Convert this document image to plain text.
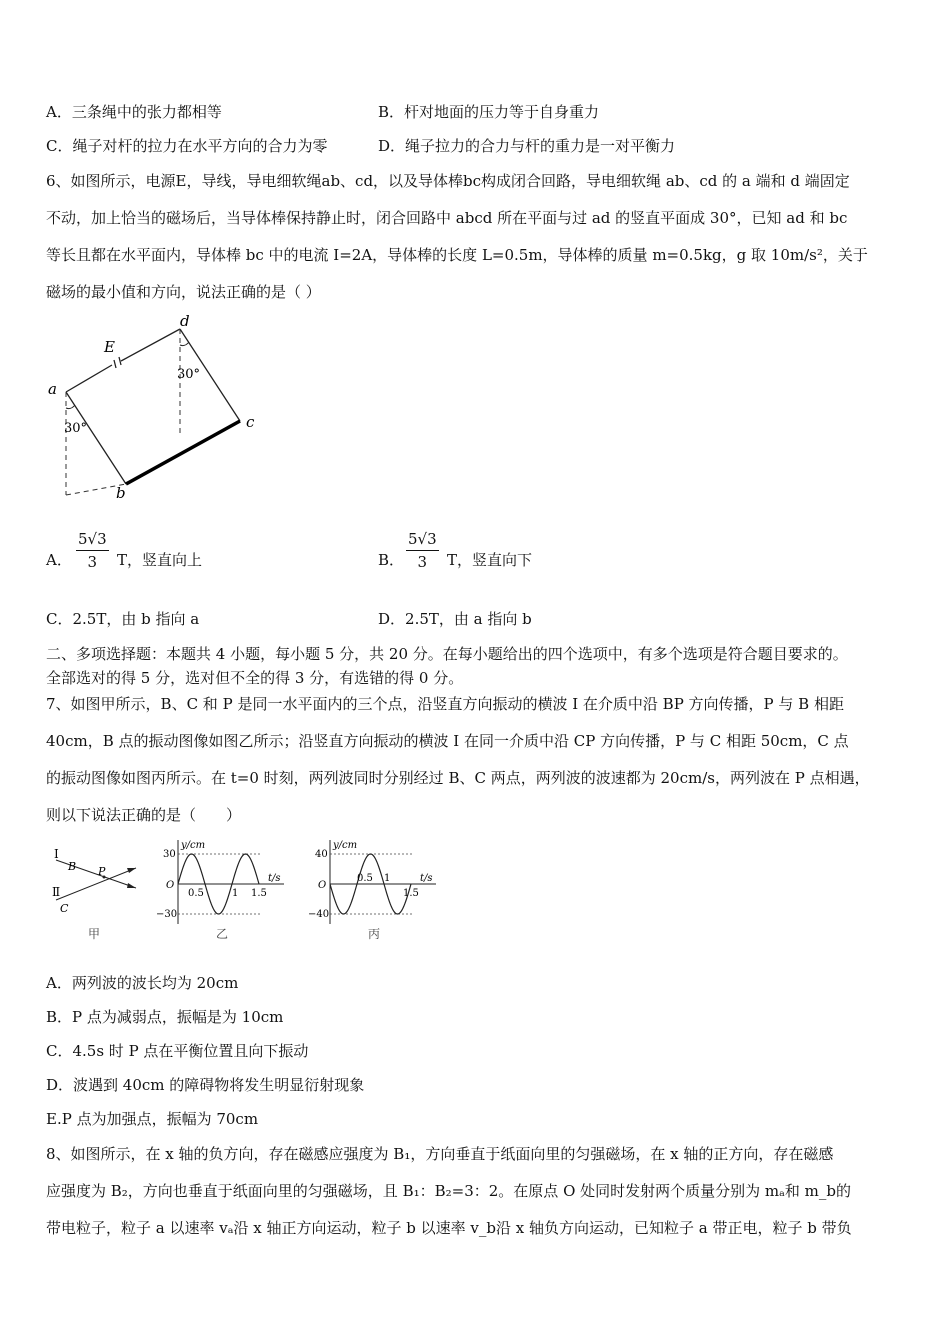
A．三条绳中的张力都相等	B．杆对地面的压力等于自身重力
C．绳子对杆的拉力在水平方向的合力为零	D．绳子拉力的合力与杆的重力是一对平衡力
6、如图所示，电源E，导线，导电细软绳ab、cd，以及导体棒bc构成闭合回路，导电细软绳 ab、cd 的 a 端和 d 端固定
不动，加上恰当的磁场后，当导体棒保持静止时，闭合回路中 abcd 所在平面与过 ad 的竖直平面成 30°，已知 ad 和 bc
等长且都在水平面内，导体棒 bc 中的电流 I=2A，导体棒的长度 L=0.5m，导体棒的质量 m=0.5kg，g 取 10m/s²，关于
磁场的最小值和方向，说法正确的是（ ）
a
b
c
d
E
30°
30°
A． $\frac{5√3}{3}$ T，竖直向上	B． $\frac{5√3}{3}$ T，竖直向下
C．2.5T，由 b 指向 a	D．2.5T，由 a 指向 b
二、多项选择题：本题共 4 小题，每小题 5 分，共 20 分。在每小题给出的四个选项中，有多个选项是符合题目要求的。
全部选对的得 5 分，选对但不全的得 3 分，有选错的得 0 分。
7、如图甲所示，B、C 和 P 是同一水平面内的三个点，沿竖直方向振动的横波 I 在介质中沿 BP 方向传播，P 与 B 相距
40cm，B 点的振动图像如图乙所示；沿竖直方向振动的横波 I 在同一介质中沿 CP 方向传播，P 与 C 相距 50cm，C 点
的振动图像如图丙所示。在 t=0 时刻，两列波同时分别经过 B、C 两点，两列波的波速都为 20cm/s，两列波在 P 点相遇，
则以下说法正确的是（　　）
I
B
Ⅱ
C
P
甲
y/cm
t/s
O
30
−30
0.5	1 1.5
乙
y/cm
t/s
O
40
−40
0.5 1
1.5
丙
A．两列波的波长均为 20cm
B．P 点为减弱点，振幅是为 10cm
C．4.5s 时 P 点在平衡位置且向下振动
D．波遇到 40cm 的障碍物将发生明显衍射现象
E.P 点为加强点，振幅为 70cm
8、如图所示，在 x 轴的负方向，存在磁感应强度为 B₁，方向垂直于纸面向里的匀强磁场，在 x 轴的正方向，存在磁感
应强度为 B₂，方向也垂直于纸面向里的匀强磁场，且 B₁：B₂=3：2。在原点 O 处同时发射两个质量分别为 mₐ和 m_b的
带电粒子，粒子 a 以速率 vₐ沿 x 轴正方向运动，粒子 b 以速率 v_b沿 x 轴负方向运动，已知粒子 a 带正电，粒子 b 带负
